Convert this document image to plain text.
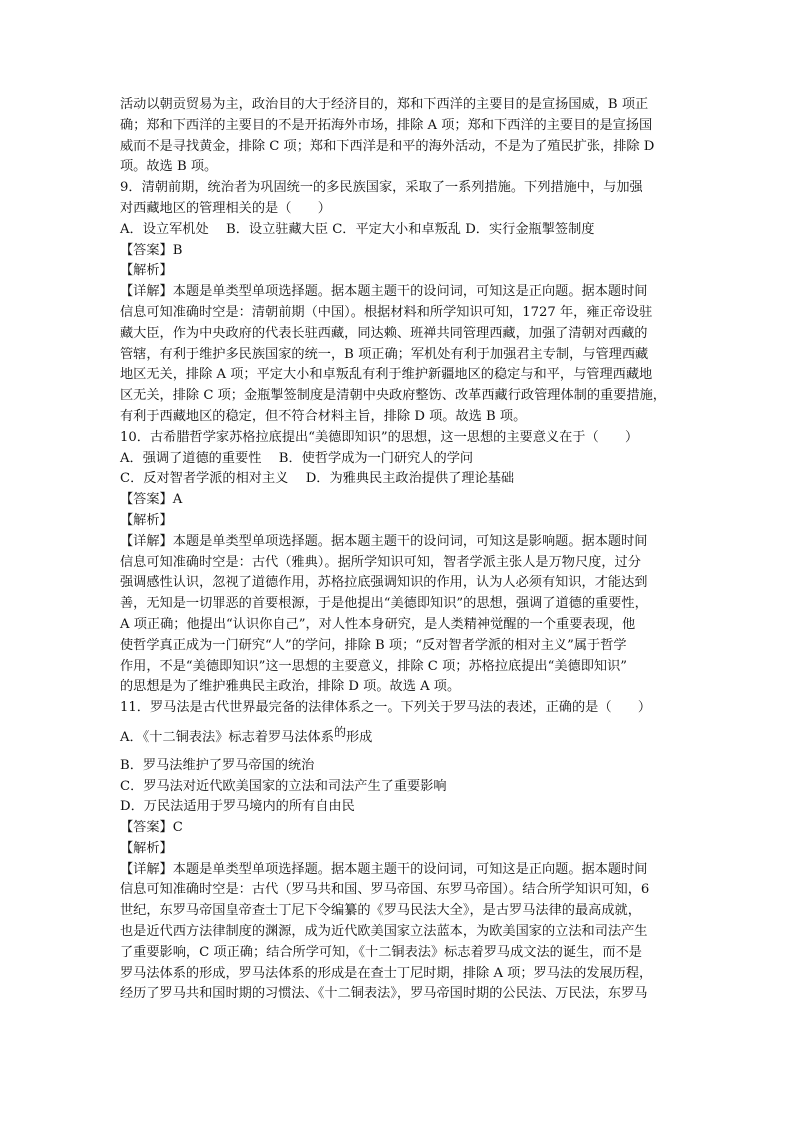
活动以朝贡贸易为主，政治目的大于经济目的，郑和下西洋的主要目的是宣扬国威，B 项正
确；郑和下西洋的主要目的不是开拓海外市场，排除 A 项；郑和下西洋的主要目的是宣扬国
威而不是寻找黄金，排除 C 项；郑和下西洋是和平的海外活动，不是为了殖民扩张，排除 D
项。故选 B 项。
9．清朝前期，统治者为巩固统一的多民族国家，采取了一系列措施。下列措施中，与加强
对西藏地区的管理相关的是（　　）
A．设立军机处　 B．设立驻藏大臣 C．平定大小和卓叛乱 D．实行金瓶掣签制度
【答案】B
【解析】
【详解】本题是单类型单项选择题。据本题主题干的设问词，可知这是正向题。据本题时间
信息可知准确时空是：清朝前期（中国）。根据材料和所学知识可知，1727 年，雍正帝设驻
藏大臣，作为中央政府的代表长驻西藏，同达赖、班禅共同管理西藏，加强了清朝对西藏的
管辖，有利于维护多民族国家的统一，B 项正确；军机处有利于加强君主专制，与管理西藏
地区无关，排除 A 项；平定大小和卓叛乱有利于维护新疆地区的稳定与和平，与管理西藏地
区无关，排除 C 项；金瓶掣签制度是清朝中央政府整饬、改革西藏行政管理体制的重要措施，
有利于西藏地区的稳定，但不符合材料主旨，排除 D 项。故选 B 项。
10．古希腊哲学家苏格拉底提出“美德即知识”的思想，这一思想的主要意义在于（　　）
A．强调了道德的重要性　 B．使哲学成为一门研究人的学问
C．反对智者学派的相对主义　 D．为雅典民主政治提供了理论基础
【答案】A
【解析】
【详解】本题是单类型单项选择题。据本题主题干的设问词，可知这是影响题。据本题时间
信息可知准确时空是：古代（雅典）。据所学知识可知，智者学派主张人是万物尺度，过分
强调感性认识，忽视了道德作用，苏格拉底强调知识的作用，认为人必须有知识，才能达到
善，无知是一切罪恶的首要根源，于是他提出“美德即知识”的思想，强调了道德的重要性，
A 项正确；他提出“认识你自己”，对人性本身研究，是人类精神觉醒的一个重要表现，他
使哲学真正成为一门研究“人”的学问，排除 B 项；“反对智者学派的相对主义”属于哲学
作用，不是“美德即知识”这一思想的主要意义，排除 C 项；苏格拉底提出“美德即知识”
的思想是为了维护雅典民主政治，排除 D 项。故选 A 项。
11．罗马法是古代世界最完备的法律体系之一。下列关于罗马法的表述，正确的是（　　）
A．《十二铜表法》标志着罗马法体系的形成
B．罗马法维护了罗马帝国的统治
C．罗马法对近代欧美国家的立法和司法产生了重要影响
D．万民法适用于罗马境内的所有自由民
【答案】C
【解析】
【详解】本题是单类型单项选择题。据本题主题干的设问词，可知这是正向题。据本题时间
信息可知准确时空是：古代（罗马共和国、罗马帝国、东罗马帝国）。结合所学知识可知，6
世纪，东罗马帝国皇帝查士丁尼下令编纂的《罗马民法大全》，是古罗马法律的最高成就，
也是近代西方法律制度的渊源，成为近代欧美国家立法蓝本，为欧美国家的立法和司法产生
了重要影响，C 项正确；结合所学可知，《十二铜表法》标志着罗马成文法的诞生，而不是
罗马法体系的形成，罗马法体系的形成是在查士丁尼时期，排除 A 项；罗马法的发展历程，
经历了罗马共和国时期的习惯法、《十二铜表法》，罗马帝国时期的公民法、万民法，东罗马
